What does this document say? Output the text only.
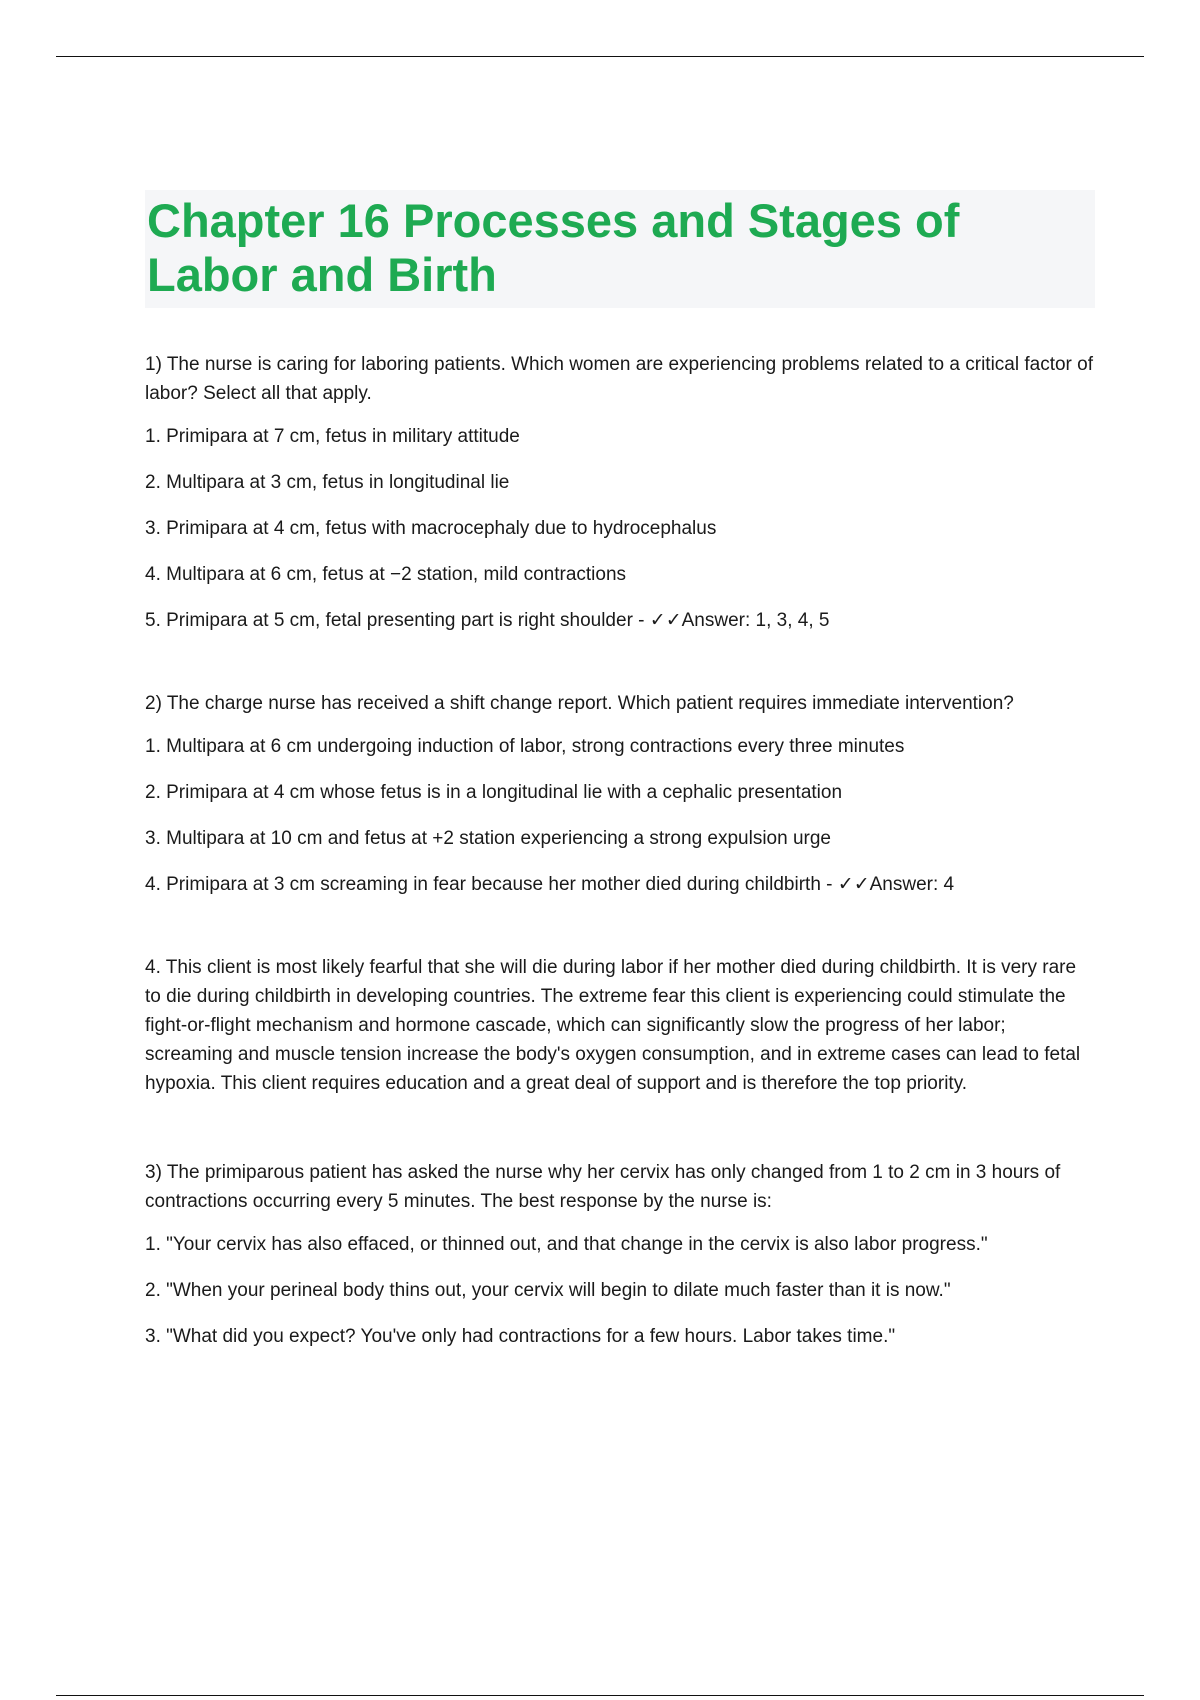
Chapter 16 Processes and Stages of Labor and Birth

1) The nurse is caring for laboring patients. Which women are experiencing problems related to a critical factor of labor? Select all that apply.

1. Primipara at 7 cm, fetus in military attitude

2. Multipara at 3 cm, fetus in longitudinal lie

3. Primipara at 4 cm, fetus with macrocephaly due to hydrocephalus

4. Multipara at 6 cm, fetus at −2 station, mild contractions

5. Primipara at 5 cm, fetal presenting part is right shoulder - ✓✓Answer: 1, 3, 4, 5

2) The charge nurse has received a shift change report. Which patient requires immediate intervention?

1. Multipara at 6 cm undergoing induction of labor, strong contractions every three minutes

2. Primipara at 4 cm whose fetus is in a longitudinal lie with a cephalic presentation

3. Multipara at 10 cm and fetus at +2 station experiencing a strong expulsion urge

4. Primipara at 3 cm screaming in fear because her mother died during childbirth - ✓✓Answer: 4

4. This client is most likely fearful that she will die during labor if her mother died during childbirth. It is very rare to die during childbirth in developing countries. The extreme fear this client is experiencing could stimulate the fight-or-flight mechanism and hormone cascade, which can significantly slow the progress of her labor; screaming and muscle tension increase the body's oxygen consumption, and in extreme cases can lead to fetal hypoxia. This client requires education and a great deal of support and is therefore the top priority.

3) The primiparous patient has asked the nurse why her cervix has only changed from 1 to 2 cm in 3 hours of contractions occurring every 5 minutes. The best response by the nurse is:

1. "Your cervix has also effaced, or thinned out, and that change in the cervix is also labor progress."

2. "When your perineal body thins out, your cervix will begin to dilate much faster than it is now."

3. "What did you expect? You've only had contractions for a few hours. Labor takes time."
